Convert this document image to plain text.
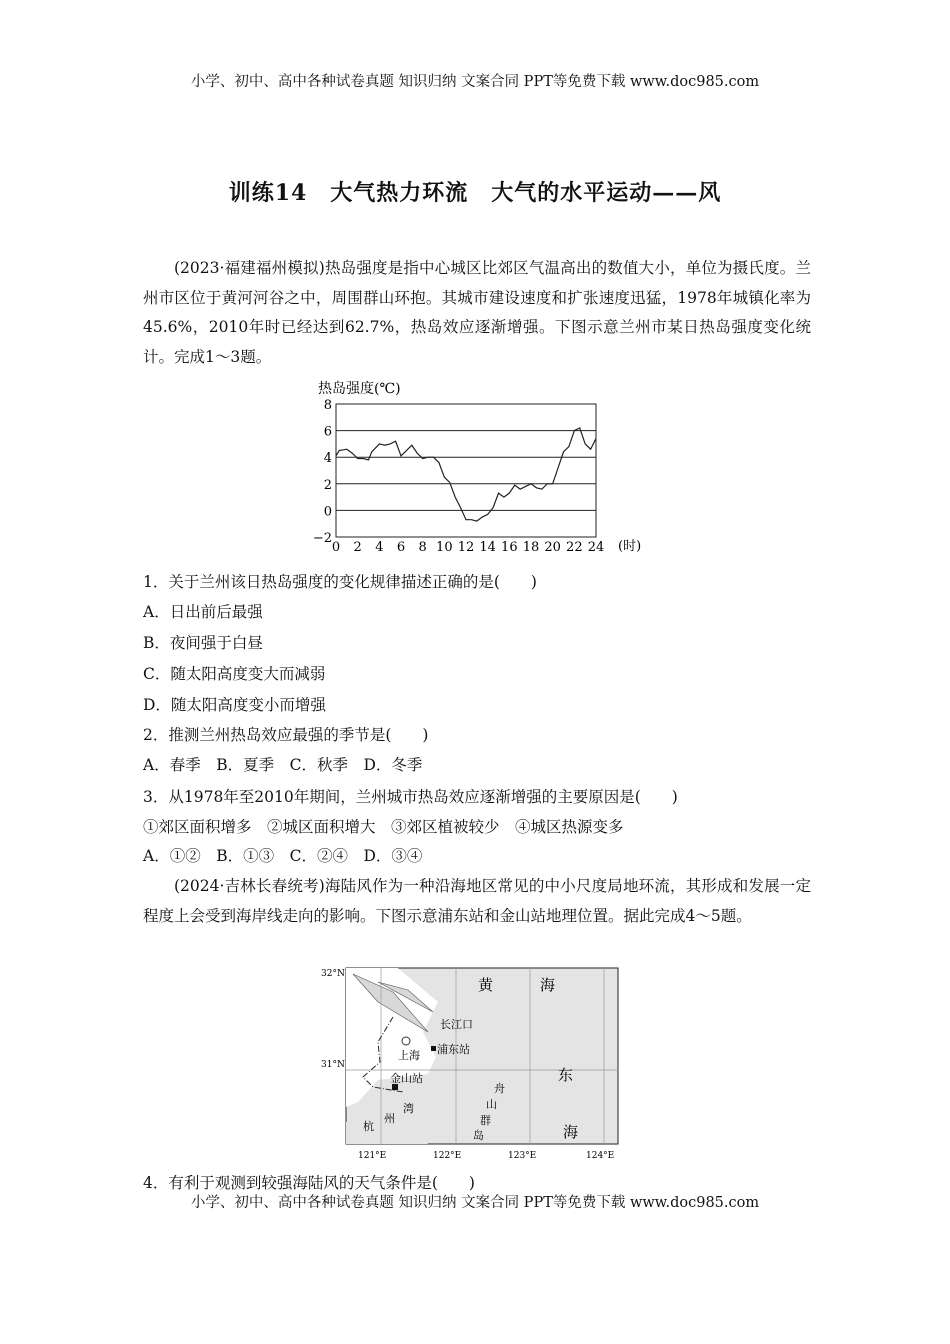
小学、初中、高中各种试卷真题 知识归纳 文案合同 PPT等免费下载 www.doc985.com
训练14　大气热力环流　大气的水平运动——风
(2023·福建福州模拟)热岛强度是指中心城区比郊区气温高出的数值大小，单位为摄氏度。兰州市区位于黄河河谷之中，周围群山环抱。其城市建设速度和扩张速度迅猛，1978年城镇化率为45.6%，2010年时已经达到62.7%，热岛效应逐渐增强。下图示意兰州市某日热岛强度变化统计。完成1～3题。
热岛强度(℃)
−2
0
2
4
6
8
0 2 4 6 8 10 12 14 16 18 20 22 24 (时)
1．关于兰州该日热岛强度的变化规律描述正确的是(　　)
A．日出前后最强
B．夜间强于白昼
C．随太阳高度变大而减弱
D．随太阳高度变小而增强
2．推测兰州热岛效应最强的季节是(　　)
A．春季　B．夏季　C．秋季　D．冬季
3．从1978年至2010年期间，兰州城市热岛效应逐渐增强的主要原因是(　　)
①郊区面积增多　②城区面积增大　③郊区植被较少　④城区热源变多
A．①②　B．①③　C．②④　D．③④
(2024·吉林长春统考)海陆风作为一种沿海地区常见的中小尺度局地环流，其形成和发展一定程度上会受到海岸线走向的影响。下图示意浦东站和金山站地理位置。据此完成4～5题。
32°N
31°N
121°E	122°E	123°E	124°E
黄	海
东
海
长江口
上海 浦东站
金山站
杭
州
湾
舟
山
群
岛
4．有利于观测到较强海陆风的天气条件是(　　)
小学、初中、高中各种试卷真题 知识归纳 文案合同 PPT等免费下载 www.doc985.com
